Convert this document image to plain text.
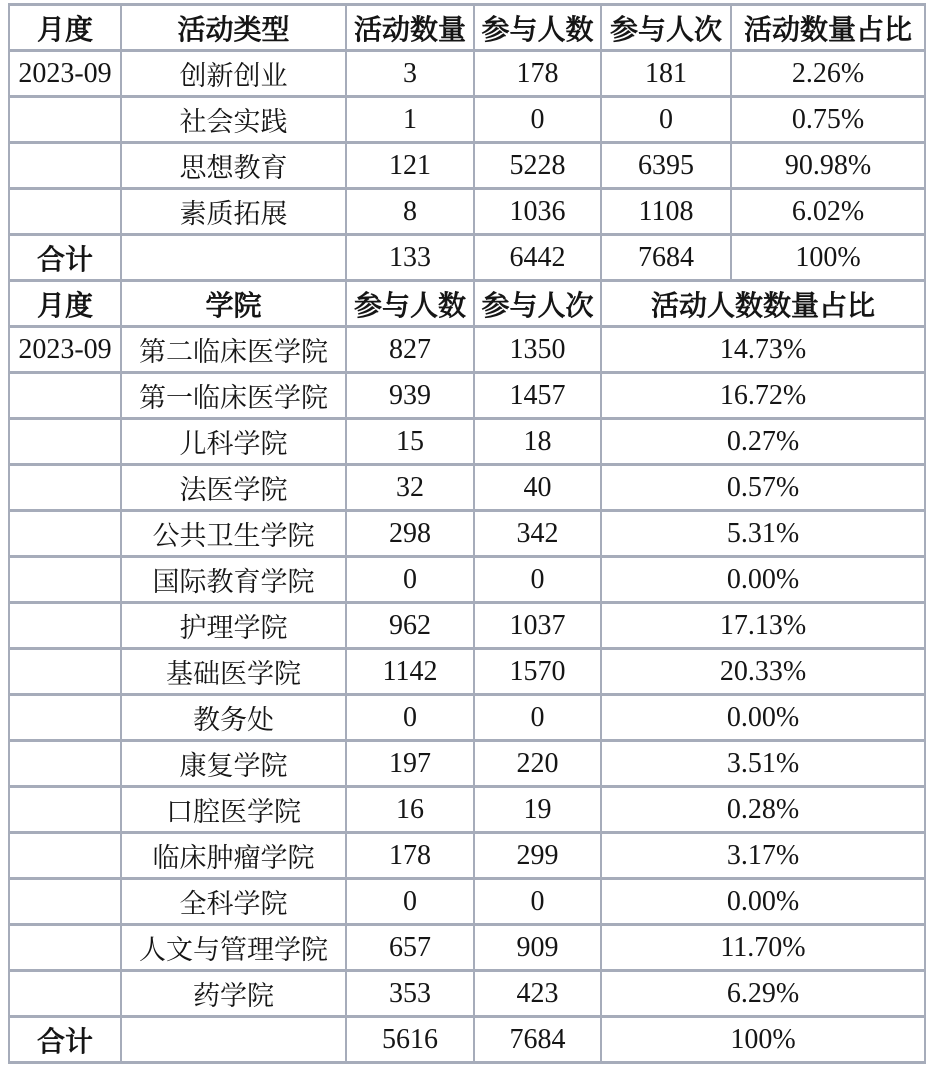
月度	活动类型	活动数量	参与人数	参与人次	活动数量占比
2023-09	创新创业	3	178	181	2.26%
	社会实践	1	0	0	0.75%
	思想教育	121	5228	6395	90.98%
	素质拓展	8	1036	1108	6.02%
合计		133	6442	7684	100%
月度	学院	参与人数	参与人次	活动人数数量占比	
2023-09	第二临床医学院	827	1350	14.73%	
	第一临床医学院	939	1457	16.72%	
	儿科学院	15	18	0.27%	
	法医学院	32	40	0.57%	
	公共卫生学院	298	342	5.31%	
	国际教育学院	0	0	0.00%	
	护理学院	962	1037	17.13%	
	基础医学院	1142	1570	20.33%	
	教务处	0	0	0.00%	
	康复学院	197	220	3.51%	
	口腔医学院	16	19	0.28%	
	临床肿瘤学院	178	299	3.17%	
	全科学院	0	0	0.00%	
	人文与管理学院	657	909	11.70%	
	药学院	353	423	6.29%	
合计		5616	7684	100%	
